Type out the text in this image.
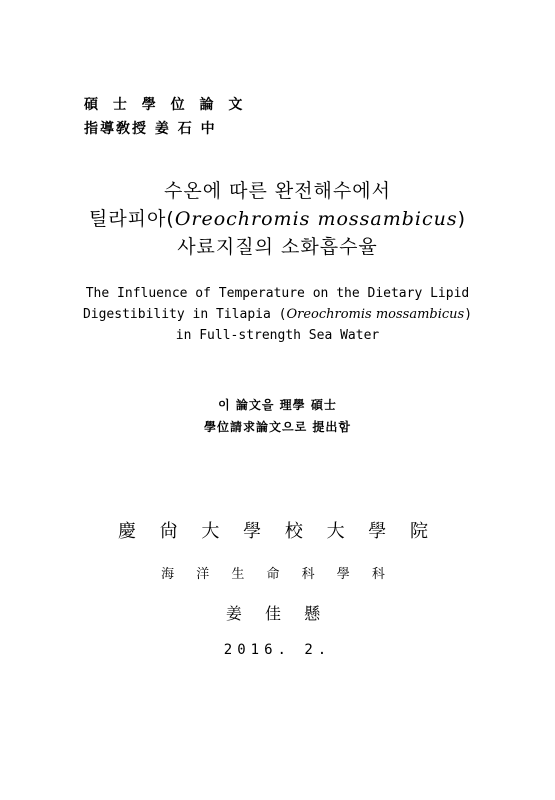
碩 士 學 位 論 文
指導敎授 姜 石 中
수온에 따른 완전해수에서
틸라피아(Oreochromis mossambicus)
사료지질의 소화흡수율
The Influence of Temperature on the Dietary Lipid
Digestibility in Tilapia (Oreochromis mossambicus)
in Full-strength Sea Water
이 論文을 理學 碩士
學位請求論文으로 提出함
慶 尙 大 學 校 大 學 院
海 洋 生 命 科 學 科
姜 佳 懸
2016. 2.
